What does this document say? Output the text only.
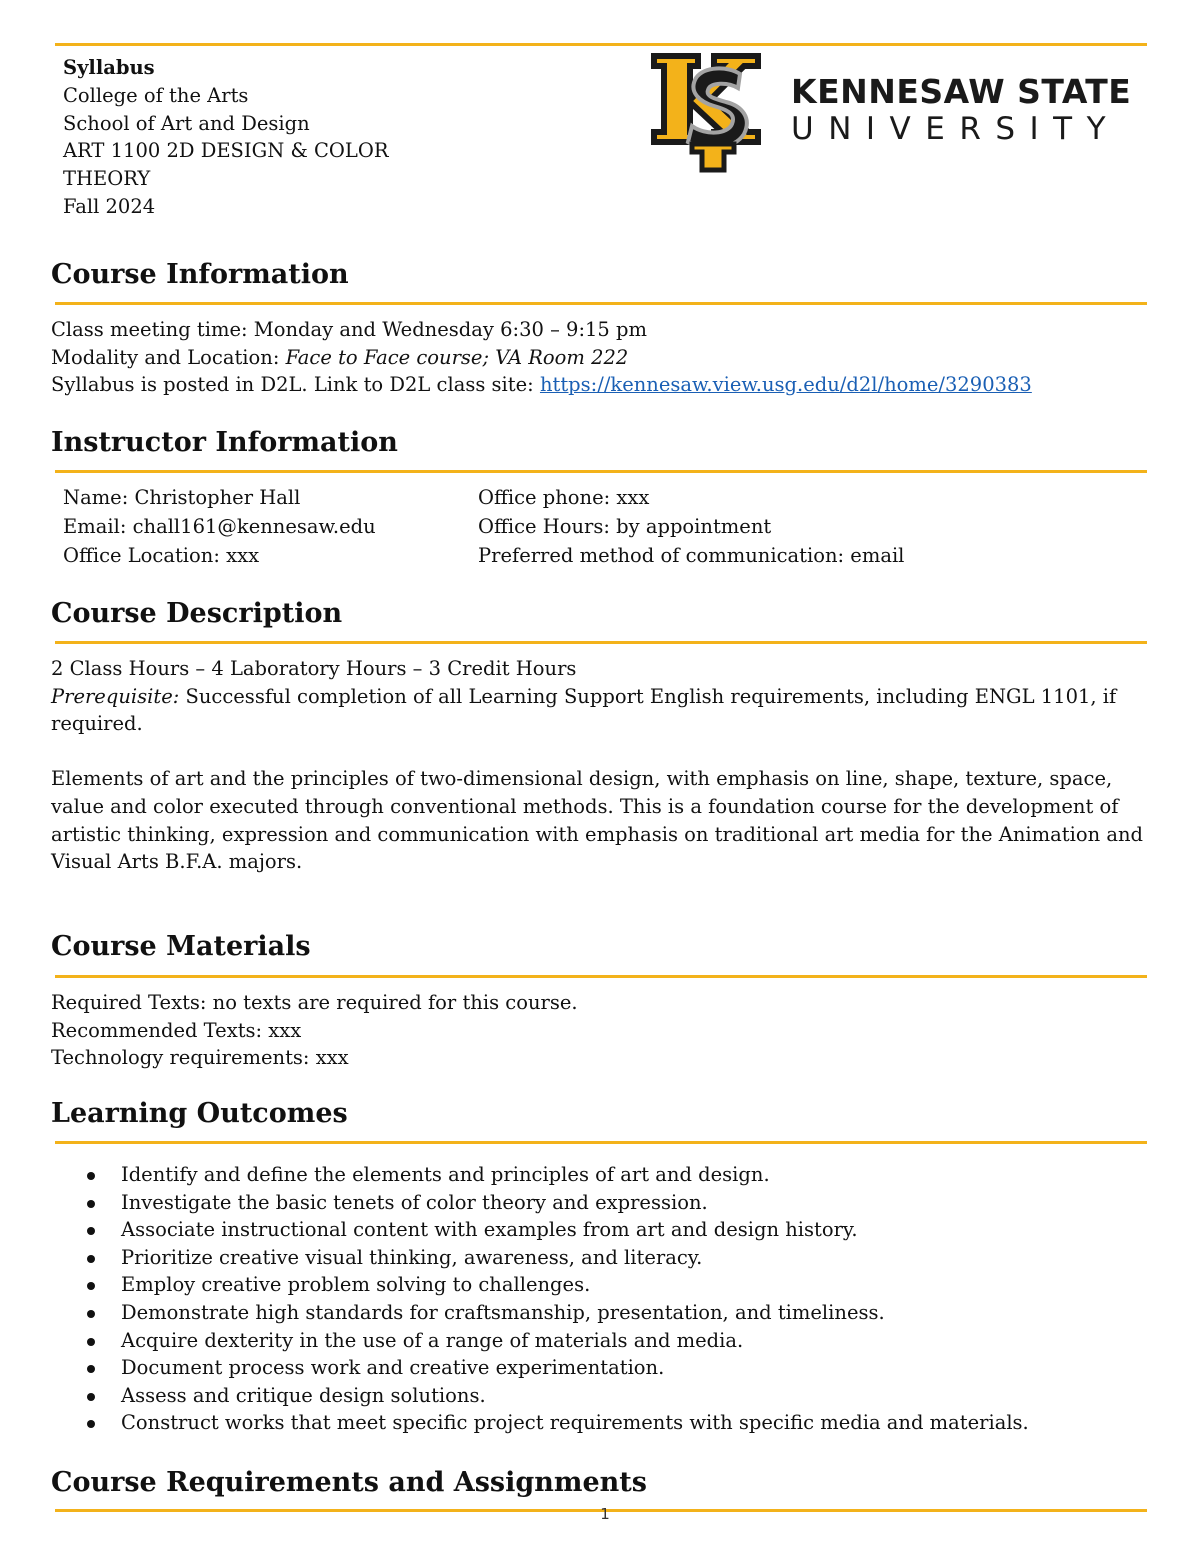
Syllabus
College of the Arts
School of Art and Design
ART 1100 2D DESIGN & COLOR
THEORY
Fall 2024
KENNESAW STATE
UNIVERSITY
Course Information
Class meeting time: Monday and Wednesday 6:30 – 9:15 pm
Modality and Location: Face to Face course; VA Room 222
Syllabus is posted in D2L. Link to D2L class site: https://kennesaw.view.usg.edu/d2l/home/3290383
Instructor Information
Name: Christopher Hall
Email: chall161@kennesaw.edu
Office Location: xxx
Office phone: xxx
Office Hours: by appointment
Preferred method of communication: email
Course Description
2 Class Hours – 4 Laboratory Hours – 3 Credit Hours
Prerequisite: Successful completion of all Learning Support English requirements, including ENGL 1101, if required.
Elements of art and the principles of two-dimensional design, with emphasis on line, shape, texture, space, value and color executed through conventional methods. This is a foundation course for the development of artistic thinking, expression and communication with emphasis on traditional art media for the Animation and Visual Arts B.F.A. majors.
Course Materials
Required Texts: no texts are required for this course.
Recommended Texts: xxx
Technology requirements: xxx
Learning Outcomes
Identify and define the elements and principles of art and design.
Investigate the basic tenets of color theory and expression.
Associate instructional content with examples from art and design history.
Prioritize creative visual thinking, awareness, and literacy.
Employ creative problem solving to challenges.
Demonstrate high standards for craftsmanship, presentation, and timeliness.
Acquire dexterity in the use of a range of materials and media.
Document process work and creative experimentation.
Assess and critique design solutions.
Construct works that meet specific project requirements with specific media and materials.
Course Requirements and Assignments
1
